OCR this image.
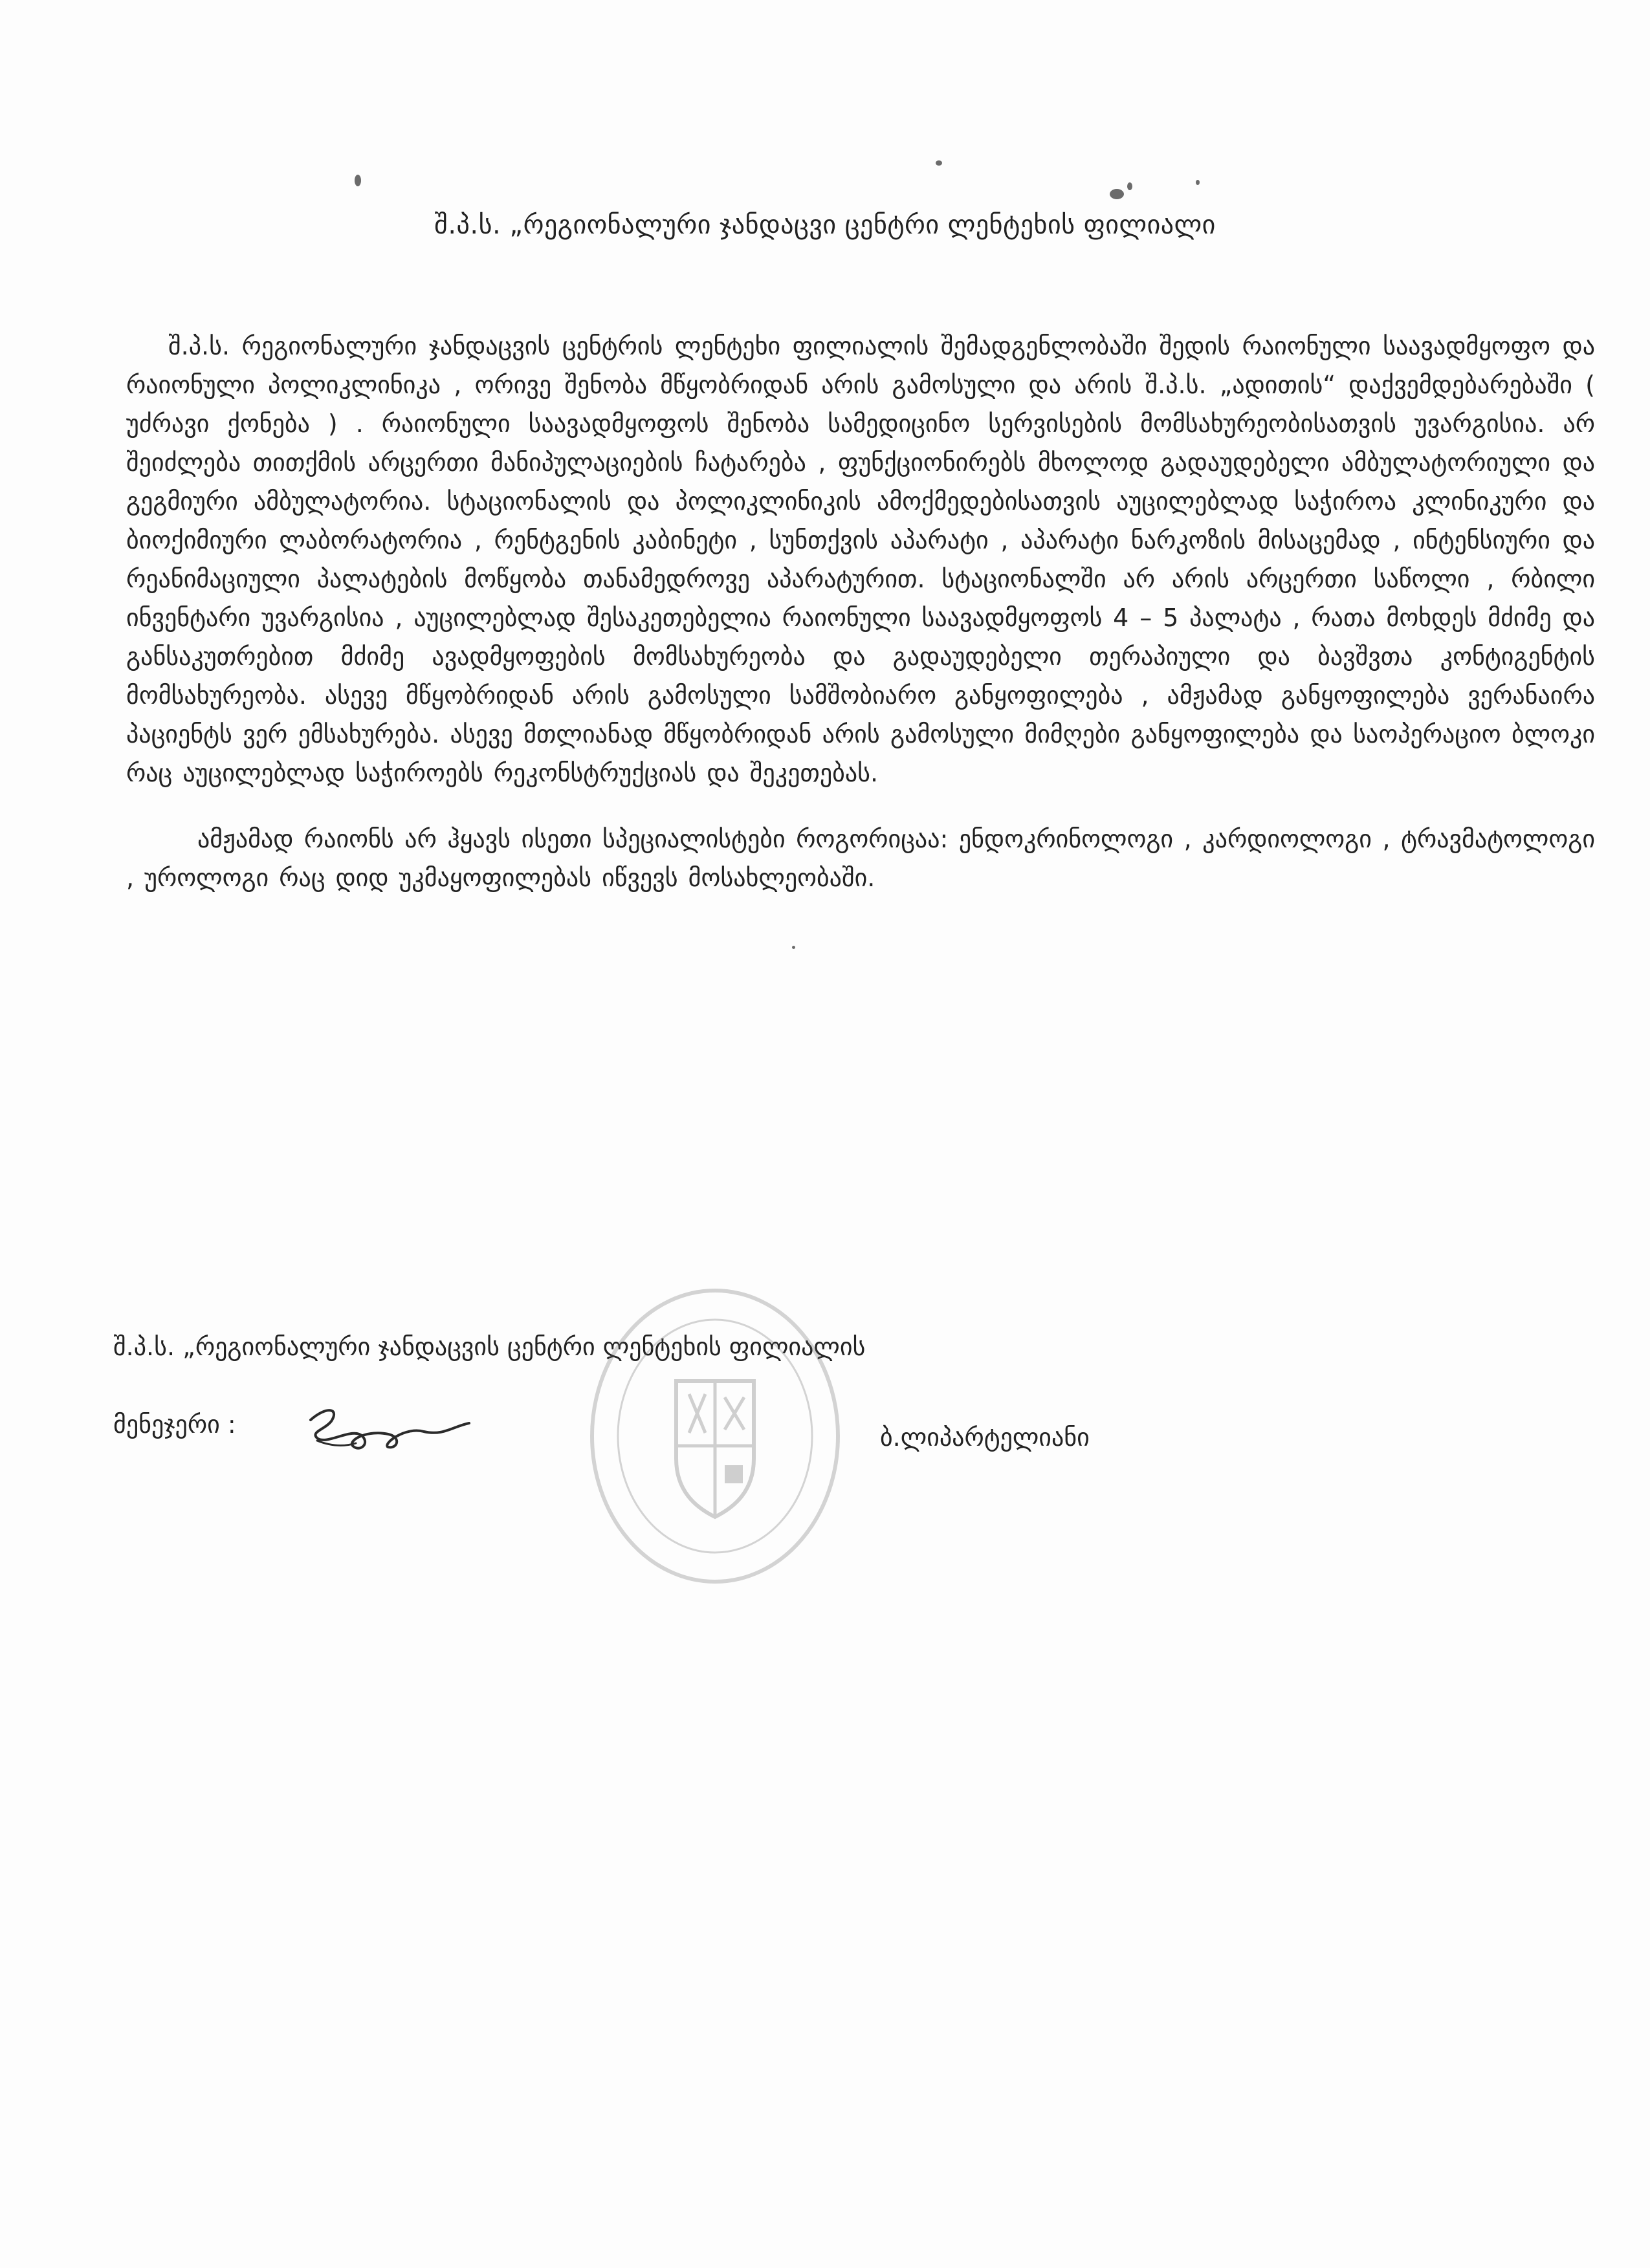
შ.პ.ს. „რეგიონალური ჯანდაცვი ცენტრი ლენტეხის ფილიალი

შ.პ.ს. რეგიონალური ჯანდაცვის ცენტრის ლენტეხი ფილიალის შემადგენლობაში შედის რაიონული საავადმყოფო და რაიონული პოლიკლინიკა , ორივე შენობა მწყობრიდან არის გამოსული და არის შ.პ.ს. „ადითის“ დაქვემდებარებაში ( უძრავი ქონება ) . რაიონული საავადმყოფოს შენობა სამედიცინო სერვისების მომსახურეობისათვის უვარგისია. არ შეიძლება თითქმის არცერთი მანიპულაციების ჩატარება , ფუნქციონირებს მხოლოდ გადაუდებელი ამბულატორიული და გეგმიური ამბულატორია. სტაციონალის და პოლიკლინიკის ამოქმედებისათვის აუცილებლად საჭიროა კლინიკური და ბიოქიმიური ლაბორატორია , რენტგენის კაბინეტი , სუნთქვის აპარატი , აპარატი ნარკოზის მისაცემად , ინტენსიური და რეანიმაციული პალატების მოწყობა თანამედროვე აპარატურით. სტაციონალში არ არის არცერთი საწოლი , რბილი ინვენტარი უვარგისია , აუცილებლად შესაკეთებელია რაიონული საავადმყოფოს 4 – 5 პალატა , რათა მოხდეს მძიმე და განსაკუთრებით მძიმე ავადმყოფების მომსახურეობა და გადაუდებელი თერაპიული და ბავშვთა კონტიგენტის მომსახურეობა. ასევე მწყობრიდან არის გამოსული სამშობიარო განყოფილება , ამჟამად განყოფილება ვერანაირა პაციენტს ვერ ემსახურება. ასევე მთლიანად მწყობრიდან არის გამოსული მიმღები განყოფილება და საოპერაციო ბლოკი რაც აუცილებლად საჭიროებს რეკონსტრუქციას და შეკეთებას.

ამჟამად რაიონს არ ჰყავს ისეთი სპეციალისტები როგორიცაა: ენდოკრინოლოგი , კარდიოლოგი , ტრავმატოლოგი , უროლოგი რაც დიდ უკმაყოფილებას იწვევს მოსახლეობაში.

შ.პ.ს. „რეგიონალური ჯანდაცვის ცენტრი ლენტეხის ფილიალის
მენეჯერი :	ბ.ლიპარტელიანი
